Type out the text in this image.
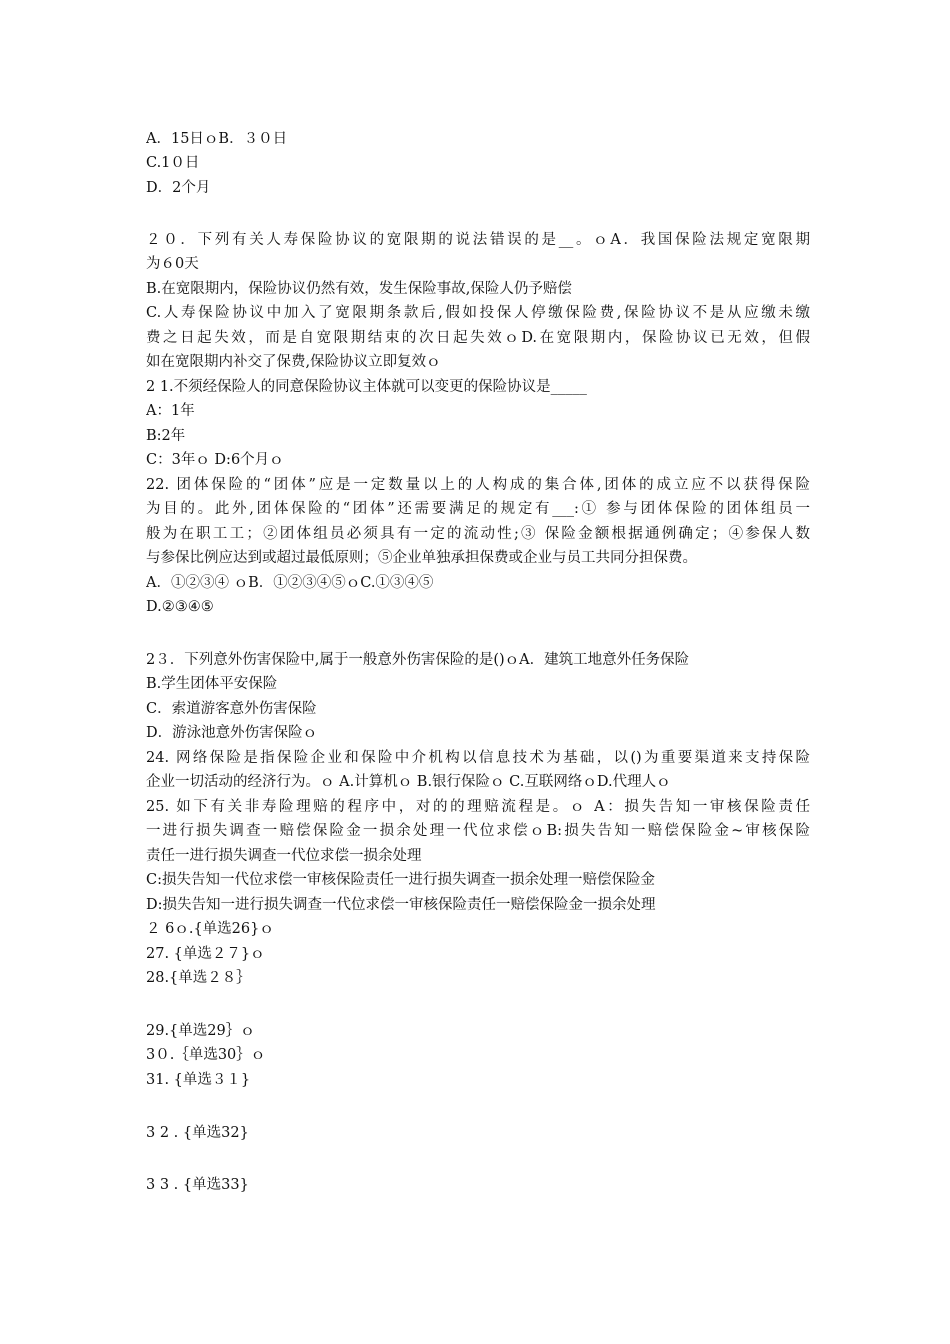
A．15日ｏB．３０日
C.1０日
D．2个月
２０．下列有关人寿保险协议的宽限期的说法错误的是__。ｏA．我国保险法规定宽限期
为６0天
B.在宽限期内，保险协议仍然有效，发生保险事故,保险人仍予赔偿
C.人寿保险协议中加入了宽限期条款后,假如投保人停缴保险费,保险协议不是从应缴未缴
费之日起失效，而是自宽限期结束的次日起失效ｏD.在宽限期内，保险协议已无效，但假
如在宽限期内补交了保费,保险协议立即复效ｏ
2 1.不须经保险人的同意保险协议主体就可以变更的保险协议是_____
A：1年
B:2年
C：3年ｏ D:6个月ｏ
22. 团体保险的“团体”应是一定数量以上的人构成的集合体,团体的成立应不以获得保险
为目的。此外,团体保险的“团体”还需要满足的规定有___:① 参与团体保险的团体组员一
般为在职工工；②团体组员必须具有一定的流动性;③ 保险金额根据通例确定；④参保人数
与参保比例应达到或超过最低原则；⑤企业单独承担保费或企业与员工共同分担保费。
A．①②③④ ｏB．①②③④⑤ｏC.①③④⑤
D.②③④⑤
2３．下列意外伤害保险中,属于一般意外伤害保险的是()ｏA．建筑工地意外任务保险
B.学生团体平安保险
C．索道游客意外伤害保险
D．游泳池意外伤害保险ｏ
24. 网络保险是指保险企业和保险中介机构以信息技术为基础，以()为重要渠道来支持保险
企业一切活动的经济行为。ｏ A.计算机ｏ B.银行保险ｏ C.互联网络ｏD.代理人ｏ
25. 如下有关非寿险理赔的程序中，对的的理赔流程是。ｏ A：损失告知一审核保险责任
一进行损失调查一赔偿保险金一损余处理一代位求偿ｏB:损失告知一赔偿保险金~审核保险
责任一进行损失调查一代位求偿一损余处理
C:损失告知一代位求偿一审核保险责任一进行损失调查一损余处理一赔偿保险金
D:损失告知一进行损失调查一代位求偿一审核保险责任一赔偿保险金一损余处理
２ 6ｏ.{单选26}ｏ
27. {单选２７}ｏ
28.{单选２８｝
29.{单选29｝ｏ
3０.｛单选30｝ｏ
31. {单选３１}
3 2 . {单选32}
3 3 . {单选33}
